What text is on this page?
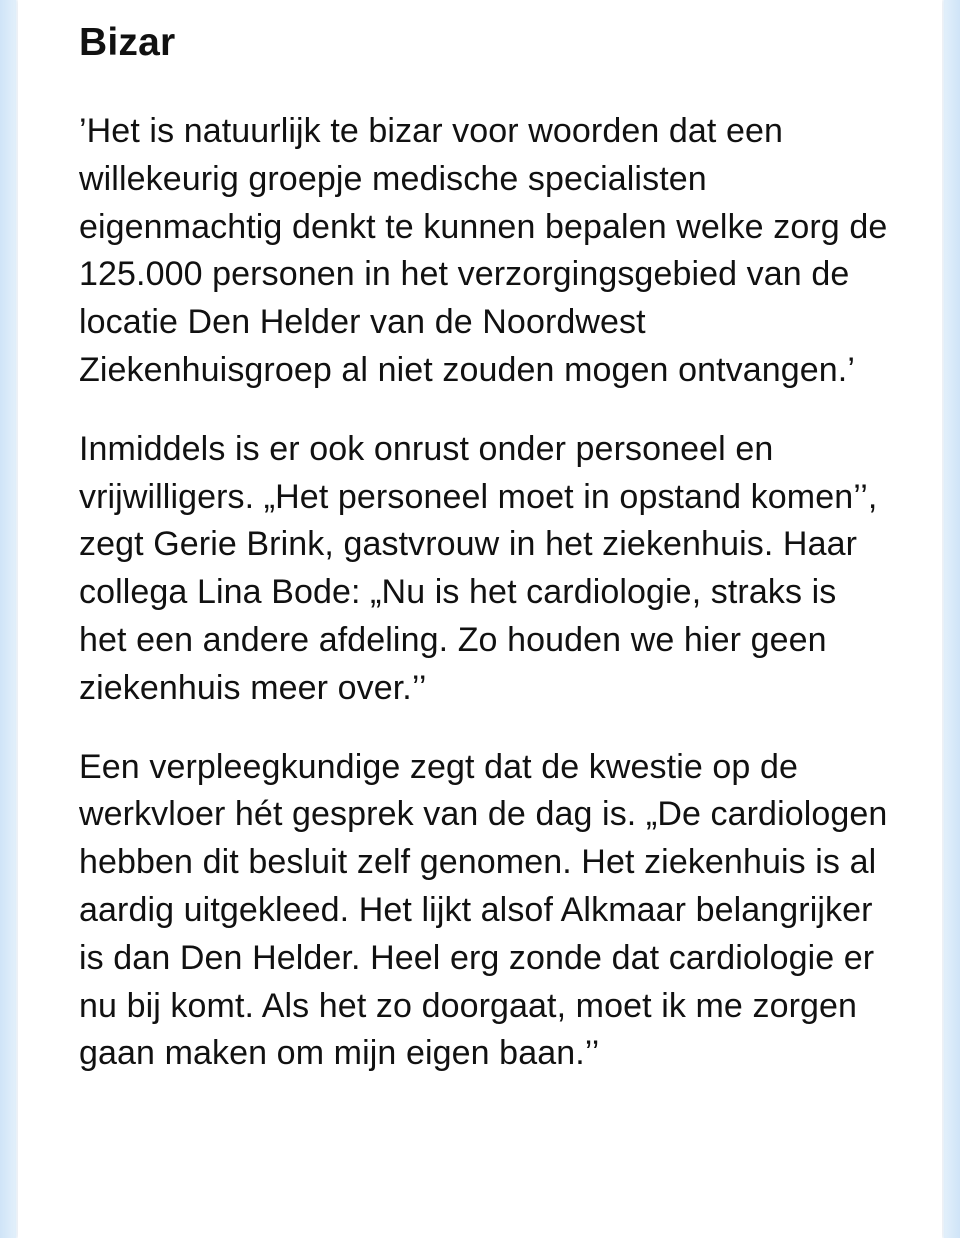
Bizar

’Het is natuurlijk te bizar voor woorden dat een willekeurig groepje medische specialisten eigenmachtig denkt te kunnen bepalen welke zorg de 125.000 personen in het verzorgingsgebied van de locatie Den Helder van de Noordwest Ziekenhuisgroep al niet zouden mogen ontvangen.’

Inmiddels is er ook onrust onder personeel en vrijwilligers. „Het personeel moet in opstand komen’’, zegt Gerie Brink, gastvrouw in het ziekenhuis. Haar collega Lina Bode: „Nu is het cardiologie, straks is het een andere afdeling. Zo houden we hier geen ziekenhuis meer over.’’

Een verpleegkundige zegt dat de kwestie op de werkvloer hét gesprek van de dag is. „De cardiologen hebben dit besluit zelf genomen. Het ziekenhuis is al aardig uitgekleed. Het lijkt alsof Alkmaar belangrijker is dan Den Helder. Heel erg zonde dat cardiologie er nu bij komt. Als het zo doorgaat, moet ik me zorgen gaan maken om mijn eigen baan.’’
